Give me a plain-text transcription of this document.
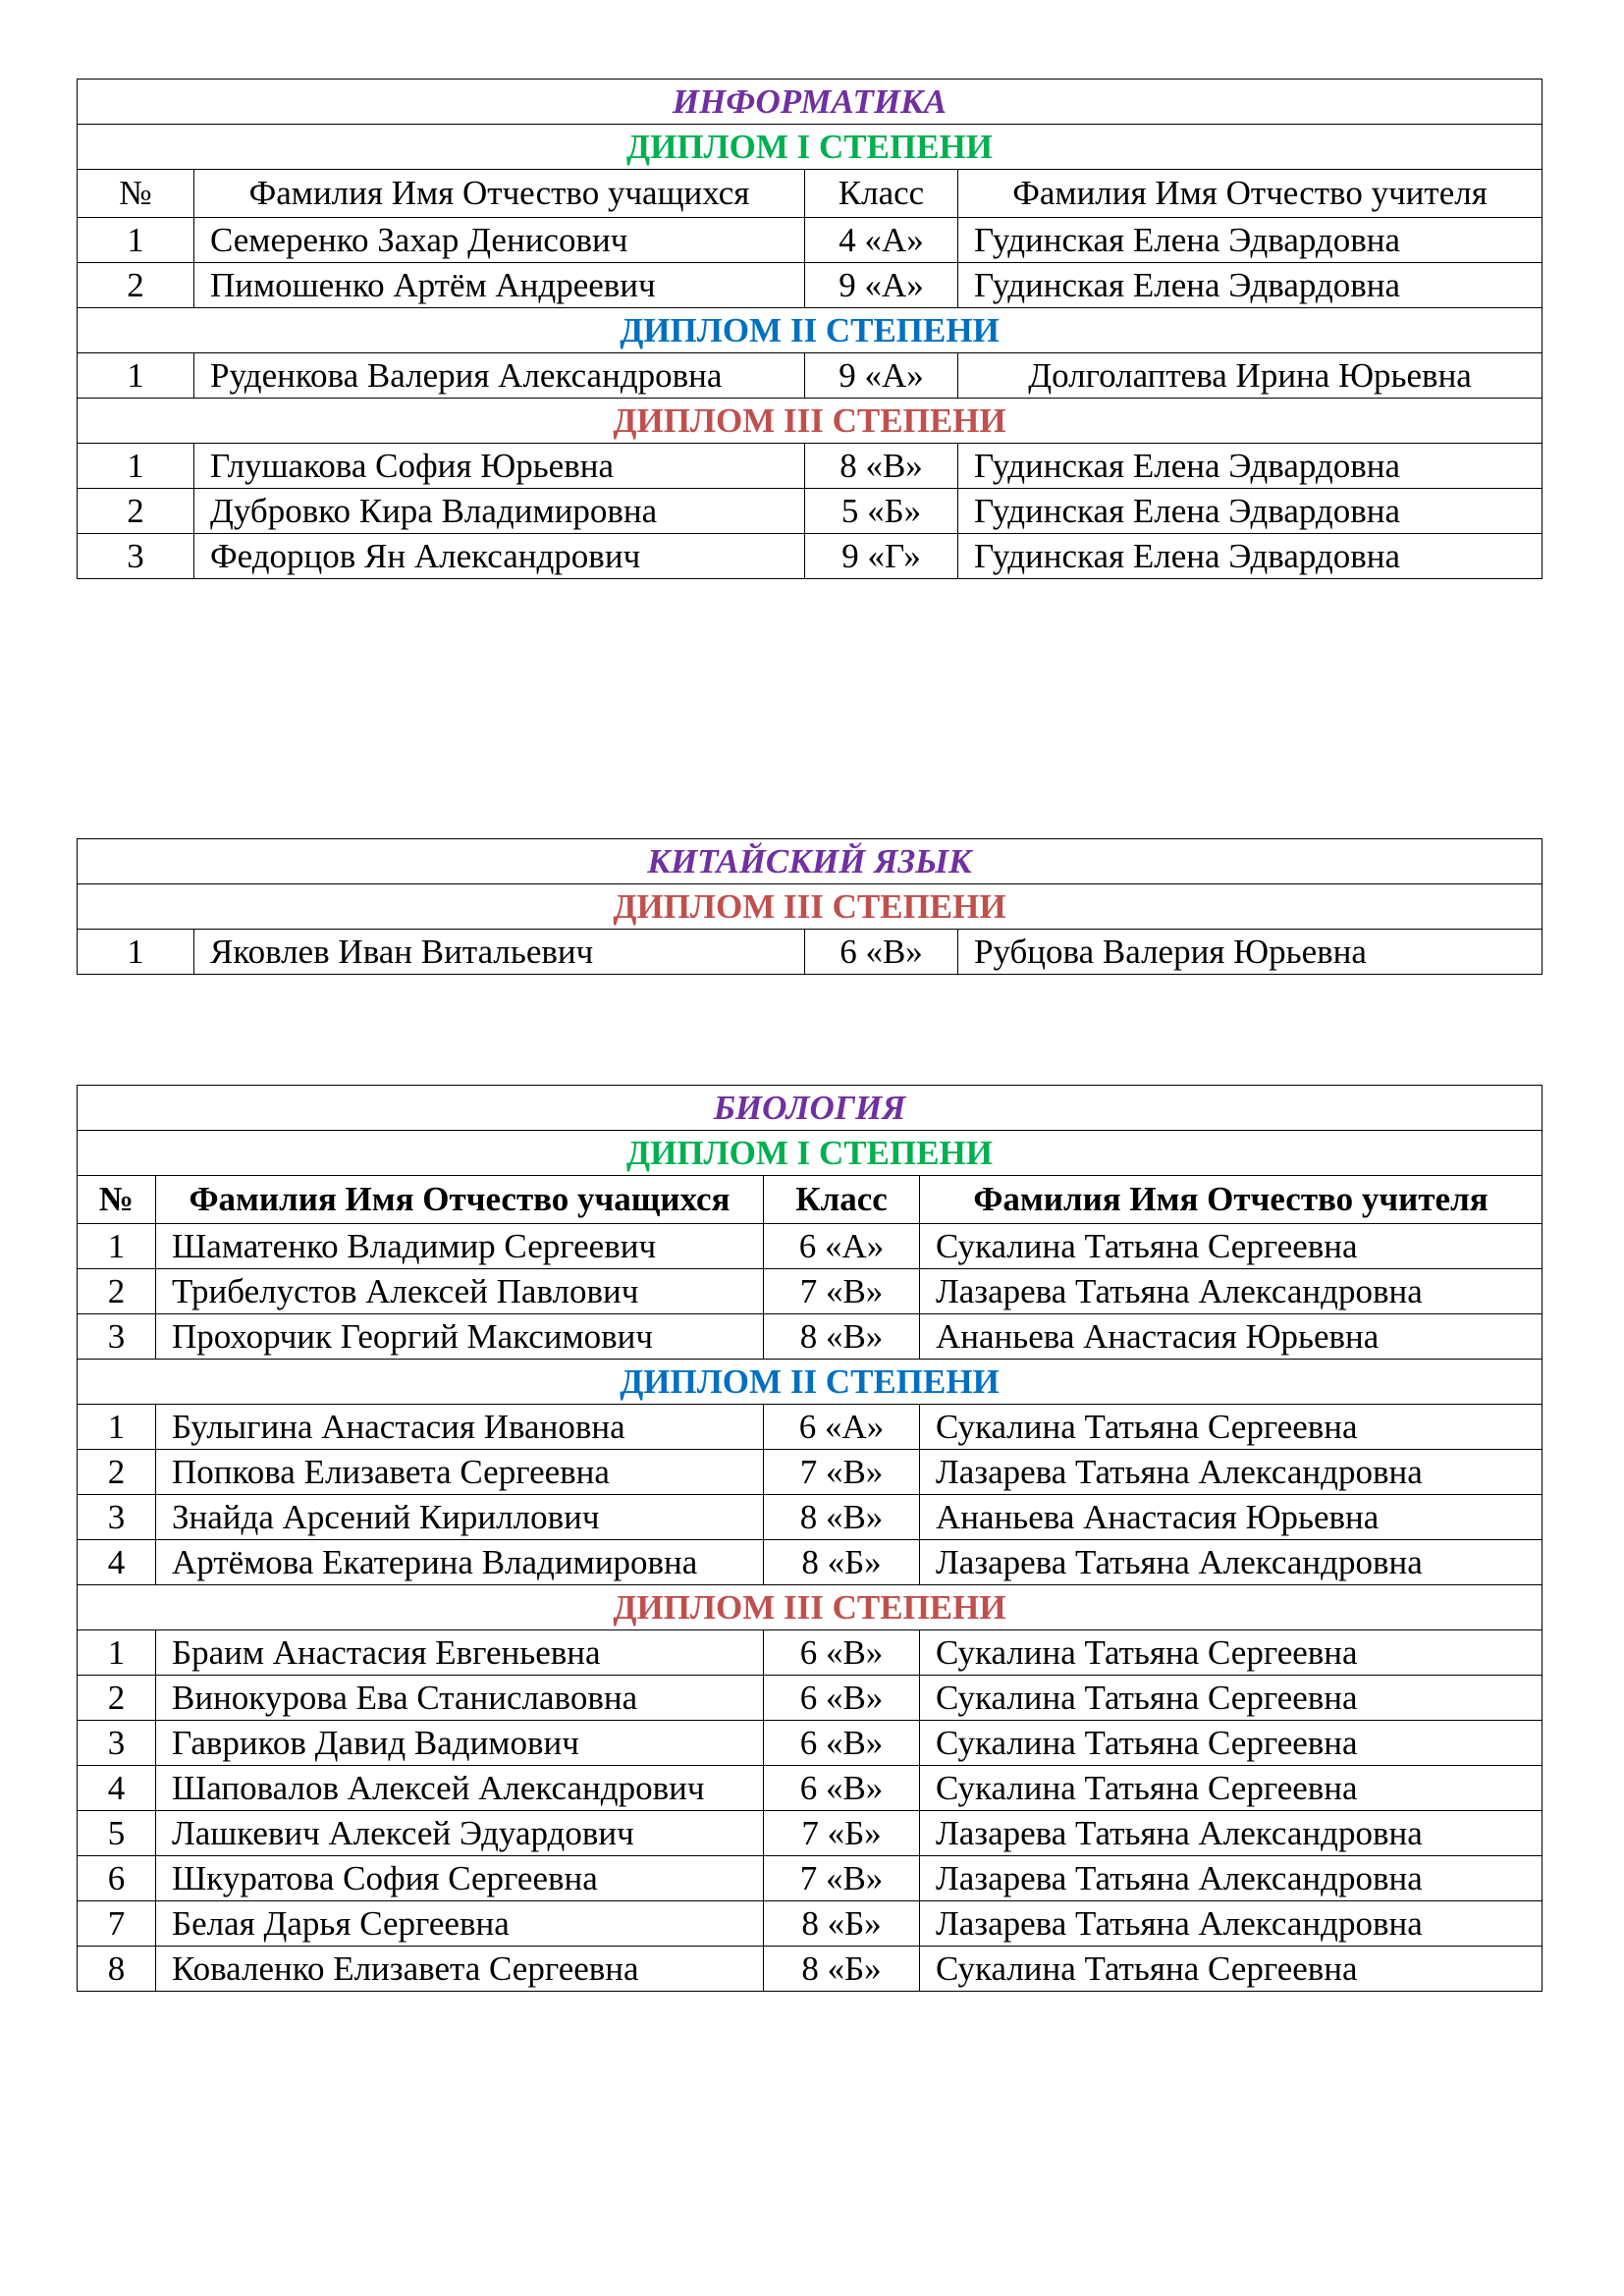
ИНФОРМАТИКА			
ДИПЛОМ I СТЕПЕНИ			
№	Фамилия Имя Отчество учащихся	Класс	Фамилия Имя Отчество учителя
1	Семеренко Захар Денисович	4 «А»	Гудинская Елена Эдвардовна
2	Пимошенко Артём Андреевич	9 «А»	Гудинская Елена Эдвардовна
ДИПЛОМ II СТЕПЕНИ			
1	Руденкова Валерия Александровна	9 «А»	Долголаптева Ирина Юрьевна
ДИПЛОМ III СТЕПЕНИ			
1	Глушакова София Юрьевна	8 «В»	Гудинская Елена Эдвардовна
2	Дубровко Кира Владимировна	5 «Б»	Гудинская Елена Эдвардовна
3	Федорцов Ян Александрович	9 «Г»	Гудинская Елена Эдвардовна
КИТАЙСКИЙ ЯЗЫК
ДИПЛОМ III СТЕПЕНИ
1	Яковлев Иван Витальевич	6 «В»	Рубцова Валерия Юрьевна
БИОЛОГИЯ			
ДИПЛОМ I СТЕПЕНИ			
№	Фамилия Имя Отчество учащихся	Класс	Фамилия Имя Отчество учителя
1	Шаматенко Владимир Сергеевич	6 «А»	Сукалина Татьяна Сергеевна
2	Трибелустов Алексей Павлович	7 «В»	Лазарева Татьяна Александровна
3	Прохорчик Георгий Максимович	8 «В»	Ананьева Анастасия Юрьевна
ДИПЛОМ II СТЕПЕНИ			
1	Булыгина Анастасия Ивановна	6 «А»	Сукалина Татьяна Сергеевна
2	Попкова Елизавета Сергеевна	7 «В»	Лазарева Татьяна Александровна
3	Знайда Арсений Кириллович	8 «В»	Ананьева Анастасия Юрьевна
4	Артёмова Екатерина Владимировна	8 «Б»	Лазарева Татьяна Александровна
ДИПЛОМ III СТЕПЕНИ			
1	Браим Анастасия Евгеньевна	6 «В»	Сукалина Татьяна Сергеевна
2	Винокурова Ева Станиславовна	6 «В»	Сукалина Татьяна Сергеевна
3	Гавриков Давид Вадимович	6 «В»	Сукалина Татьяна Сергеевна
4	Шаповалов Алексей Александрович	6 «В»	Сукалина Татьяна Сергеевна
5	Лашкевич Алексей Эдуардович	7 «Б»	Лазарева Татьяна Александровна
6	Шкуратова София Сергеевна	7 «В»	Лазарева Татьяна Александровна
7	Белая Дарья Сергеевна	8 «Б»	Лазарева Татьяна Александровна
8	Коваленко Елизавета Сергеевна	8 «Б»	Сукалина Татьяна Сергеевна
